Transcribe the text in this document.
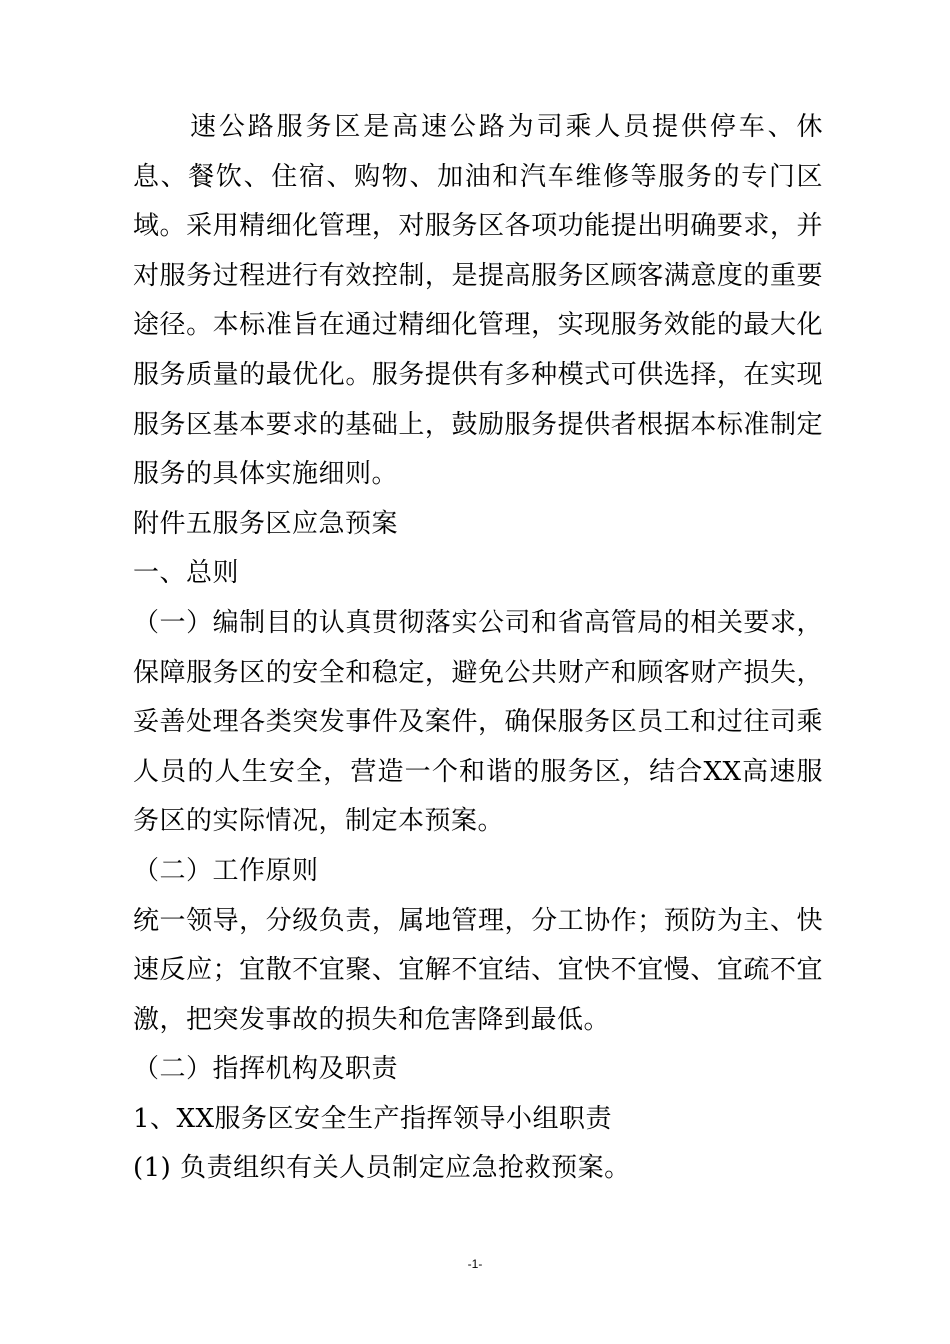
速公路服务区是高速公路为司乘人员提供停车、休息、餐饮、住宿、购物、加油和汽车维修等服务的专门区域。采用精细化管理，对服务区各项功能提出明确要求，并对服务过程进行有效控制，是提高服务区顾客满意度的重要途径。本标准旨在通过精细化管理，实现服务效能的最大化服务质量的最优化。服务提供有多种模式可供选择，在实现服务区基本要求的基础上，鼓励服务提供者根据本标准制定服务的具体实施细则。

附件五服务区应急预案

一、总则

（一）编制目的认真贯彻落实公司和省高管局的相关要求，保障服务区的安全和稳定，避免公共财产和顾客财产损失，妥善处理各类突发事件及案件，确保服务区员工和过往司乘人员的人生安全，营造一个和谐的服务区，结合XX高速服务区的实际情况，制定本预案。

（二）工作原则

统一领导，分级负责，属地管理，分工协作；预防为主、快速反应；宜散不宜聚、宜解不宜结、宜快不宜慢、宜疏不宜激，把突发事故的损失和危害降到最低。

（二）指挥机构及职责

1、XX服务区安全生产指挥领导小组职责

(1) 负责组织有关人员制定应急抢救预案。

-1-
